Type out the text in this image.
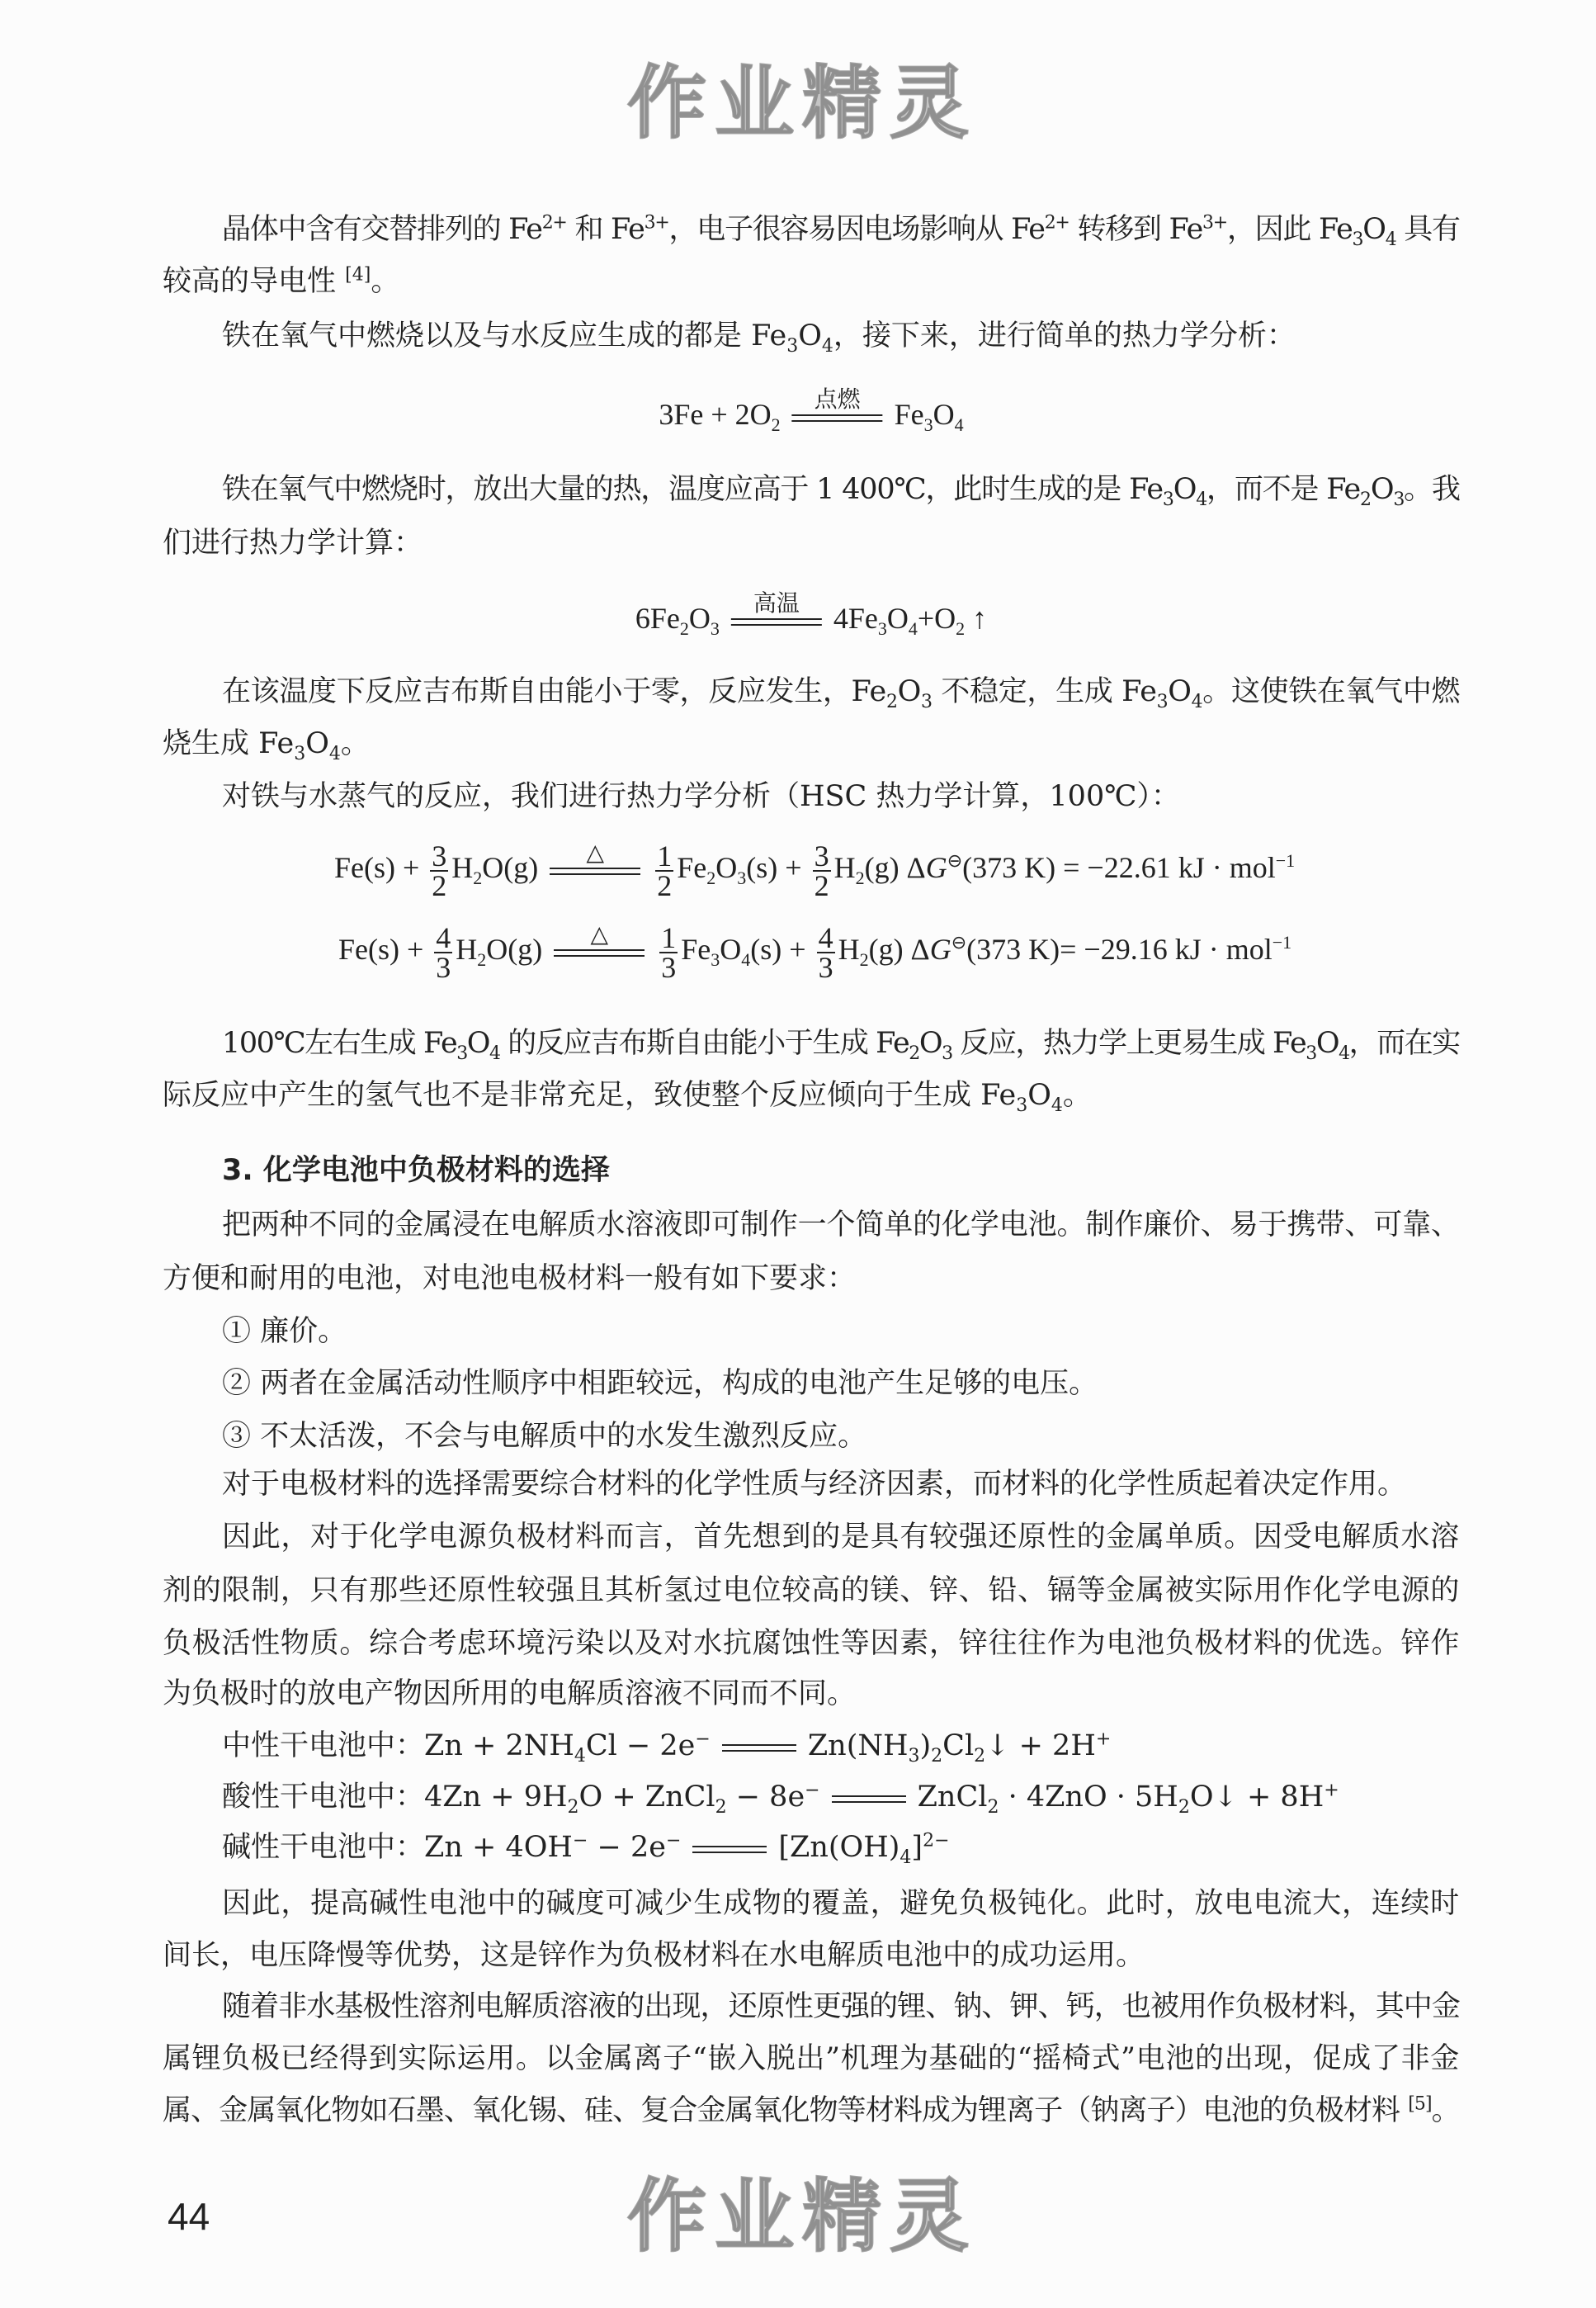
晶体中含有交替排列的 $Fe^{2+}$ 和 $Fe^{3+}$，电子很容易因电场影响从 $Fe^{2+}$ 转移到 $Fe^{3+}$，因此 $Fe_3O_4$ 具有
较高的导电性 [4]。
铁在氧气中燃烧以及与水反应生成的都是 $Fe_3O_4$，接下来，进行简单的热力学分析：
$3Fe + 2O_2$
点燃	$Fe_3O_4$
铁在氧气中燃烧时，放出大量的热，温度应高于 1 400℃，此时生成的是 $Fe_3O_4$，而不是 $Fe_2O_3$。我
们进行热力学计算：
$6Fe_2O_3$
高温	$4Fe_3O_4+O_2$ ↑
在该温度下反应吉布斯自由能小于零，反应发生，$Fe_2O_3$ 不稳定，生成 $Fe_3O_4$。这使铁在氧气中燃
烧生成 $Fe_3O_4$。
对铁与水蒸气的反应，我们进行热力学分析（HSC 热力学计算，100℃）：
$Fe(s) + \frac{3}{2} H_2O(g)$	△	$\frac{1}{2} Fe_2O_3(s) + \frac{3}{2} H_2(g)$ ΔG⊖(373 K) = −22.61 kJ · mol$^{-1}$
$Fe(s) + \frac{4}{3} H_2O(g)$	△	$\frac{1}{3} Fe_3O_4(s) + \frac{4}{3} H_2(g)$ ΔG⊖(373 K)= −29.16 kJ · mol$^{-1}$
100℃左右生成 $Fe_3O_4$ 的反应吉布斯自由能小于生成 $Fe_2O_3$ 反应，热力学上更易生成 $Fe_3O_4$，而在实
际反应中产生的氢气也不是非常充足，致使整个反应倾向于生成 $Fe_3O_4$。
3. 化学电池中负极材料的选择
把两种不同的金属浸在电解质水溶液即可制作一个简单的化学电池。制作廉价、易于携带、可靠、
方便和耐用的电池，对电池电极材料一般有如下要求：
① 廉价。
② 两者在金属活动性顺序中相距较远，构成的电池产生足够的电压。
③ 不太活泼，不会与电解质中的水发生激烈反应。
对于电极材料的选择需要综合材料的化学性质与经济因素，而材料的化学性质起着决定作用。
因此，对于化学电源负极材料而言，首先想到的是具有较强还原性的金属单质。因受电解质水溶
剂的限制，只有那些还原性较强且其析氢过电位较高的镁、锌、铅、镉等金属被实际用作化学电源的
负极活性物质。综合考虑环境污染以及对水抗腐蚀性等因素，锌往往作为电池负极材料的优选。锌作
为负极时的放电产物因所用的电解质溶液不同而不同。
中性干电池中：$Zn + 2NH_4Cl - 2e^-$	$Zn(NH_3)_2Cl_2↓ + 2H^+$
酸性干电池中：$4Zn + 9H_2O$ + ZnCl$_2$ − 8e−	ZnCl$_2$ · $4ZnO \cdot 5H_2O↓ + 8H^+$
碱性干电池中：Zn + 4OH− − 2e−	$[Zn(OH)_4]^{2-}$
因此，提高碱性电池中的碱度可减少生成物的覆盖，避免负极钝化。此时，放电电流大，连续时
间长，电压降慢等优势，这是锌作为负极材料在水电解质电池中的成功运用。
随着非水基极性溶剂电解质溶液的出现，还原性更强的锂、钠、钾、钙，也被用作负极材料，其中金
属锂负极已经得到实际运用。以金属离子“嵌入脱出”机理为基础的“摇椅式”电池的出现，促成了非金
属、金属氧化物如石墨、氧化锡、硅、复合金属氧化物等材料成为锂离子（钠离子）电池的负极材料 [5]。
作业精灵
作业精灵
44
